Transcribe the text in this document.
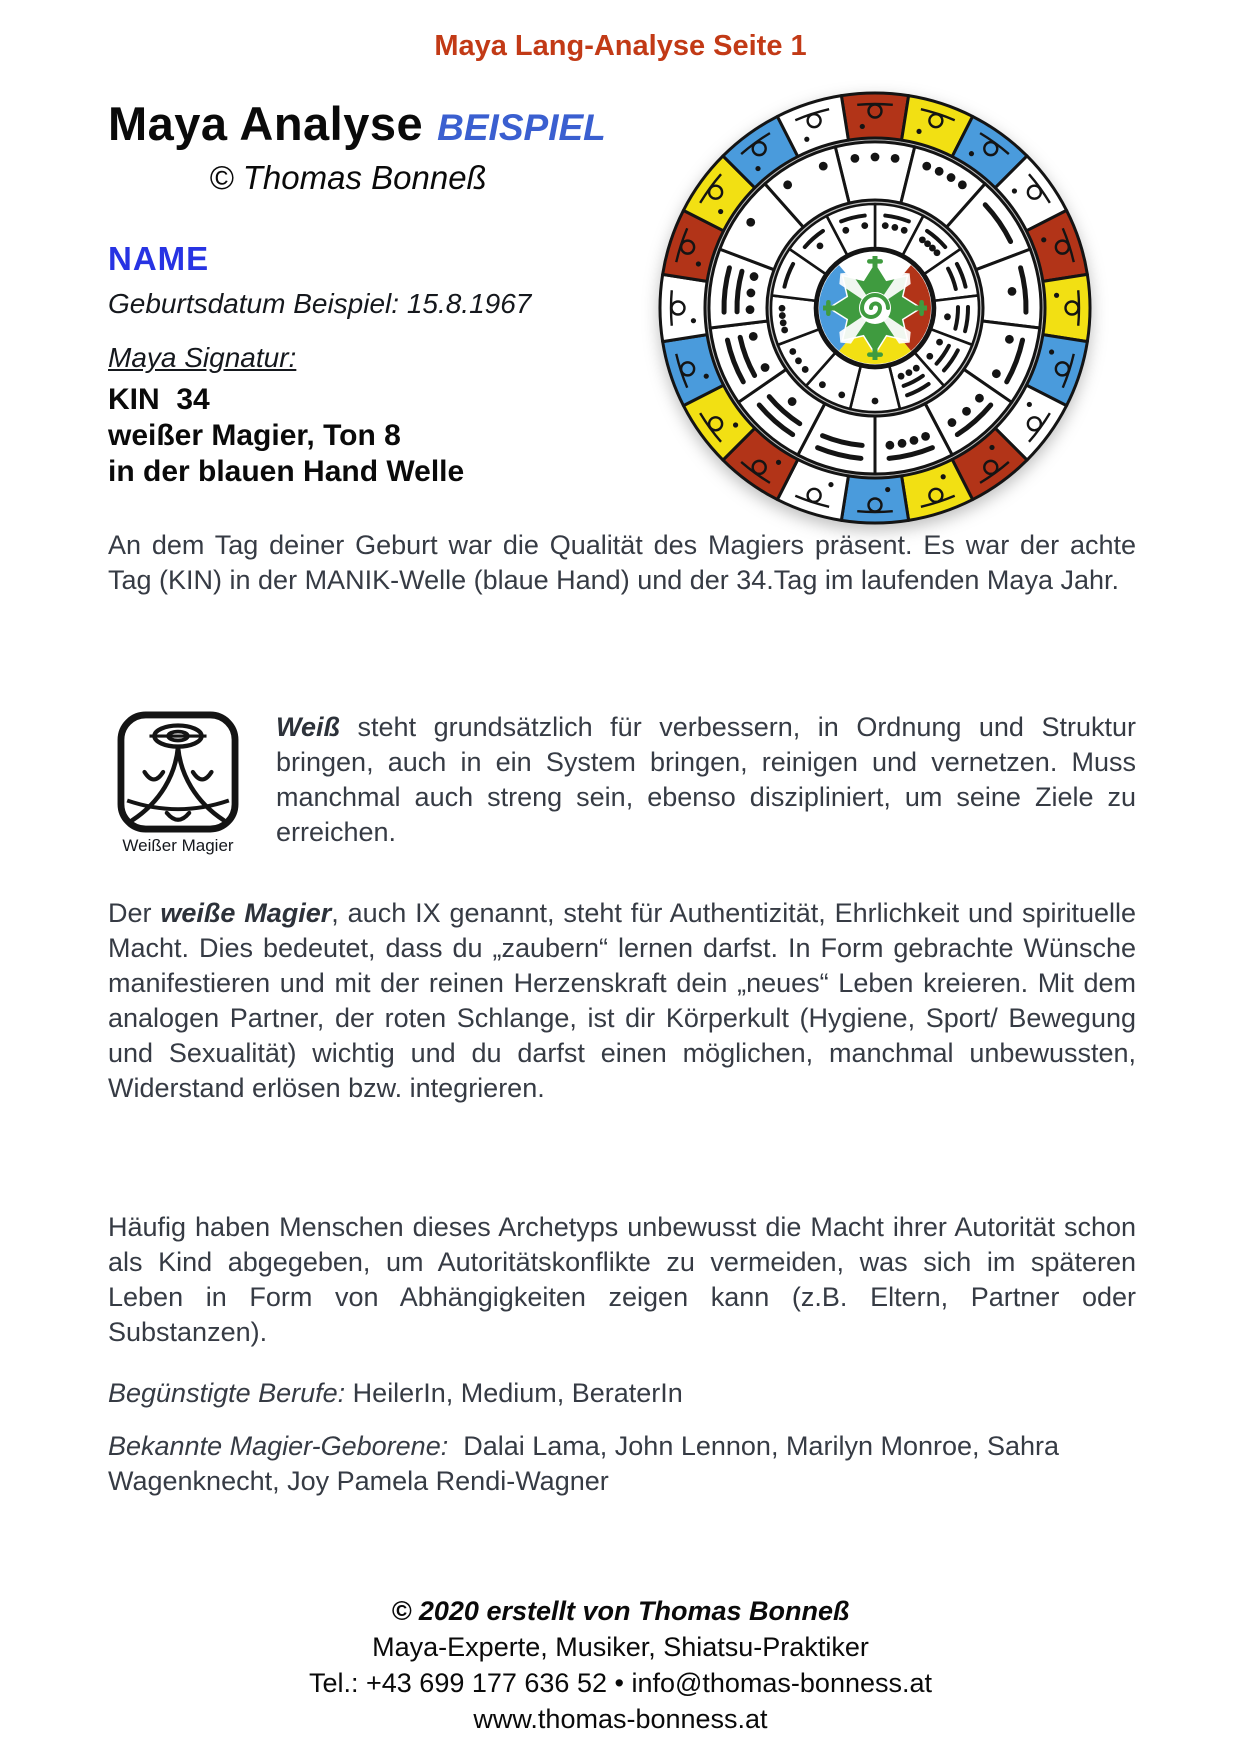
Maya Lang-Analyse Seite 1
Maya Analyse BEISPIEL
© Thomas Bonneß
NAME
Geburtsdatum Beispiel: 15.8.1967
Maya Signatur:
KIN  34
weißer Magier, Ton 8
in der blauen Hand Welle

An dem Tag deiner Geburt war die Qualität des Magiers präsent. Es war der achte Tag (KIN) in der MANIK-Welle (blaue Hand) und der 34.Tag im laufenden Maya Jahr.

Weißer Magier

Weiß steht grundsätzlich für verbessern, in Ordnung und Struktur bringen, auch in ein System bringen, reinigen und vernetzen. Muss manchmal auch streng sein, ebenso diszipliniert, um seine Ziele zu erreichen.

Der weiße Magier, auch IX genannt, steht für Authentizität, Ehrlichkeit und spirituelle Macht. Dies bedeutet, dass du „zaubern“ lernen darfst. In Form gebrachte Wünsche manifestieren und mit der reinen Herzenskraft dein „neues“ Leben kreieren. Mit dem analogen Partner, der roten Schlange, ist dir Körperkult (Hygiene, Sport/ Bewegung und Sexualität) wichtig und du darfst einen möglichen, manchmal unbewussten, Widerstand erlösen bzw. integrieren.

Häufig haben Menschen dieses Archetyps unbewusst die Macht ihrer Autorität schon als Kind abgegeben, um Autoritätskonflikte zu vermeiden, was sich im späteren Leben in Form von Abhängigkeiten zeigen kann (z.B. Eltern, Partner oder Substanzen).

Begünstigte Berufe: HeilerIn, Medium, BeraterIn

Bekannte Magier-Geborene:  Dalai Lama, John Lennon, Marilyn Monroe, Sahra Wagenknecht, Joy Pamela Rendi-Wagner

© 2020 erstellt von Thomas Bonneß
Maya-Experte, Musiker, Shiatsu-Praktiker
Tel.: +43 699 177 636 52 • info@thomas-bonness.at
www.thomas-bonness.at
